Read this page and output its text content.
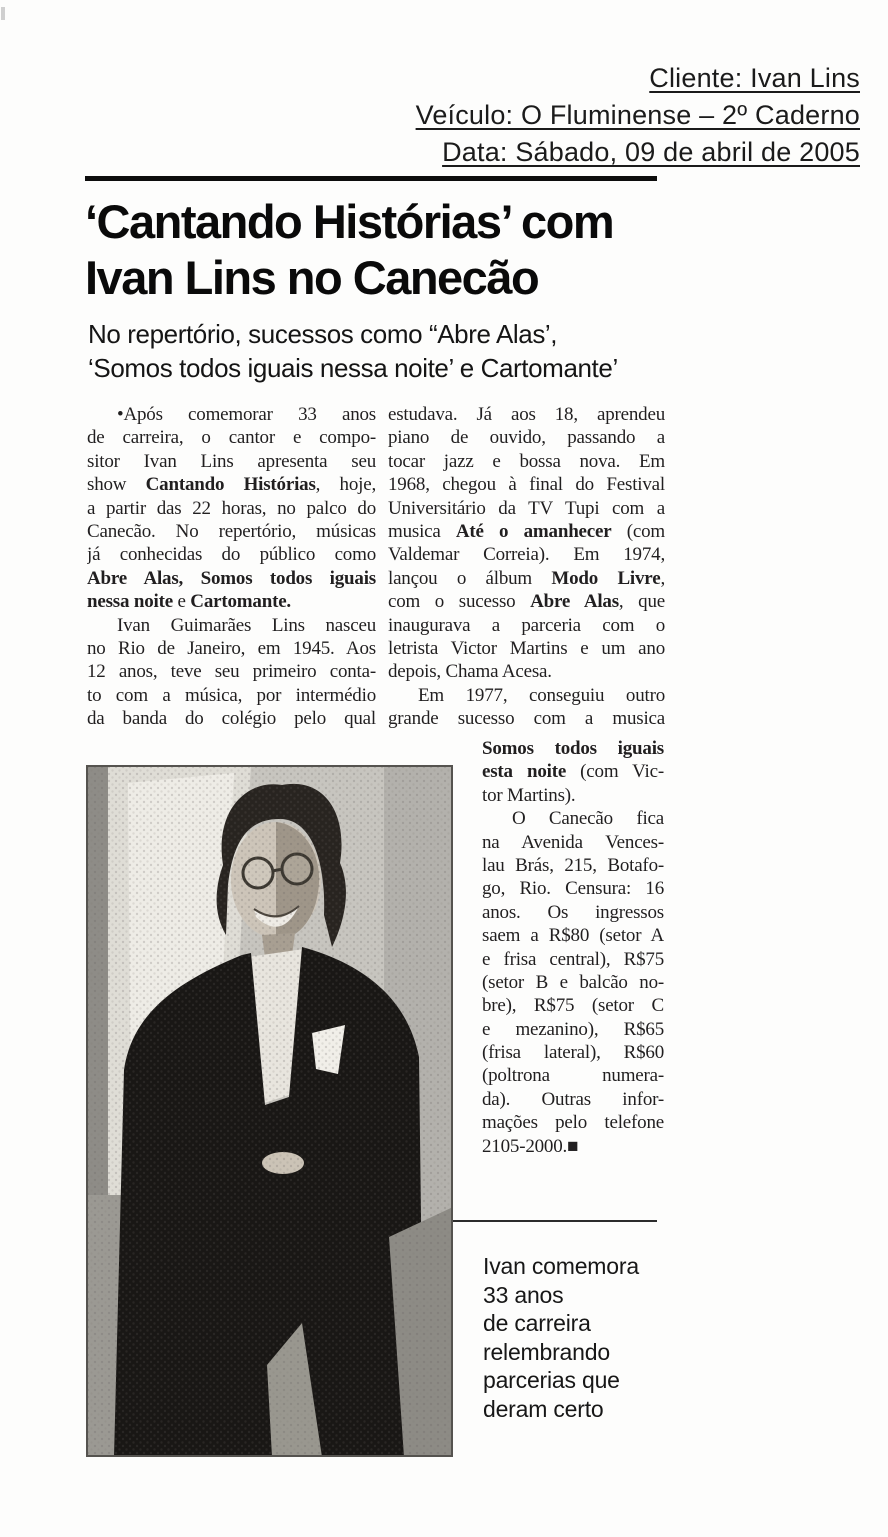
Cliente: Ivan Lins
Veículo: O Fluminense – 2º Caderno
Data: Sábado, 09 de abril de 2005
‘Cantando Histórias’ com
Ivan Lins no Canecão
No repertório, sucessos como “Abre Alas’,
‘Somos todos iguais nessa noite’ e Cartomante’
•Após comemorar 33 anos
de carreira, o cantor e compo-
sitor Ivan Lins apresenta seu
show Cantando Histórias, hoje,
a partir das 22 horas, no palco do
Canecão. No repertório, músicas
já conhecidas do público como
Abre Alas, Somos todos iguais
nessa noite e Cartomante.
Ivan Guimarães Lins nasceu
no Rio de Janeiro, em 1945. Aos
12 anos, teve seu primeiro conta-
to com a música, por intermédio
da banda do colégio pelo qual
estudava. Já aos 18, aprendeu
piano de ouvido, passando a
tocar jazz e bossa nova. Em
1968, chegou à final do Festival
Universitário da TV Tupi com a
musica Até o amanhecer (com
Valdemar Correia). Em 1974,
lançou o álbum Modo Livre,
com o sucesso Abre Alas, que
inaugurava a parceria com o
letrista Victor Martins e um ano
depois, Chama Acesa.
Em 1977, conseguiu outro
grande sucesso com a musica
Somos todos iguais
esta noite (com Vic-
tor Martins).
O Canecão fica
na Avenida Vences-
lau Brás, 215, Botafo-
go, Rio. Censura: 16
anos. Os ingressos
saem a R$80 (setor A
e frisa central), R$75
(setor B e balcão no-
bre), R$75 (setor C
e mezanino), R$65
(frisa lateral), R$60
(poltrona numera-
da). Outras infor-
mações pelo telefone
2105-2000.■
Ivan comemora
33 anos
de carreira
relembrando
parcerias que
deram certo
